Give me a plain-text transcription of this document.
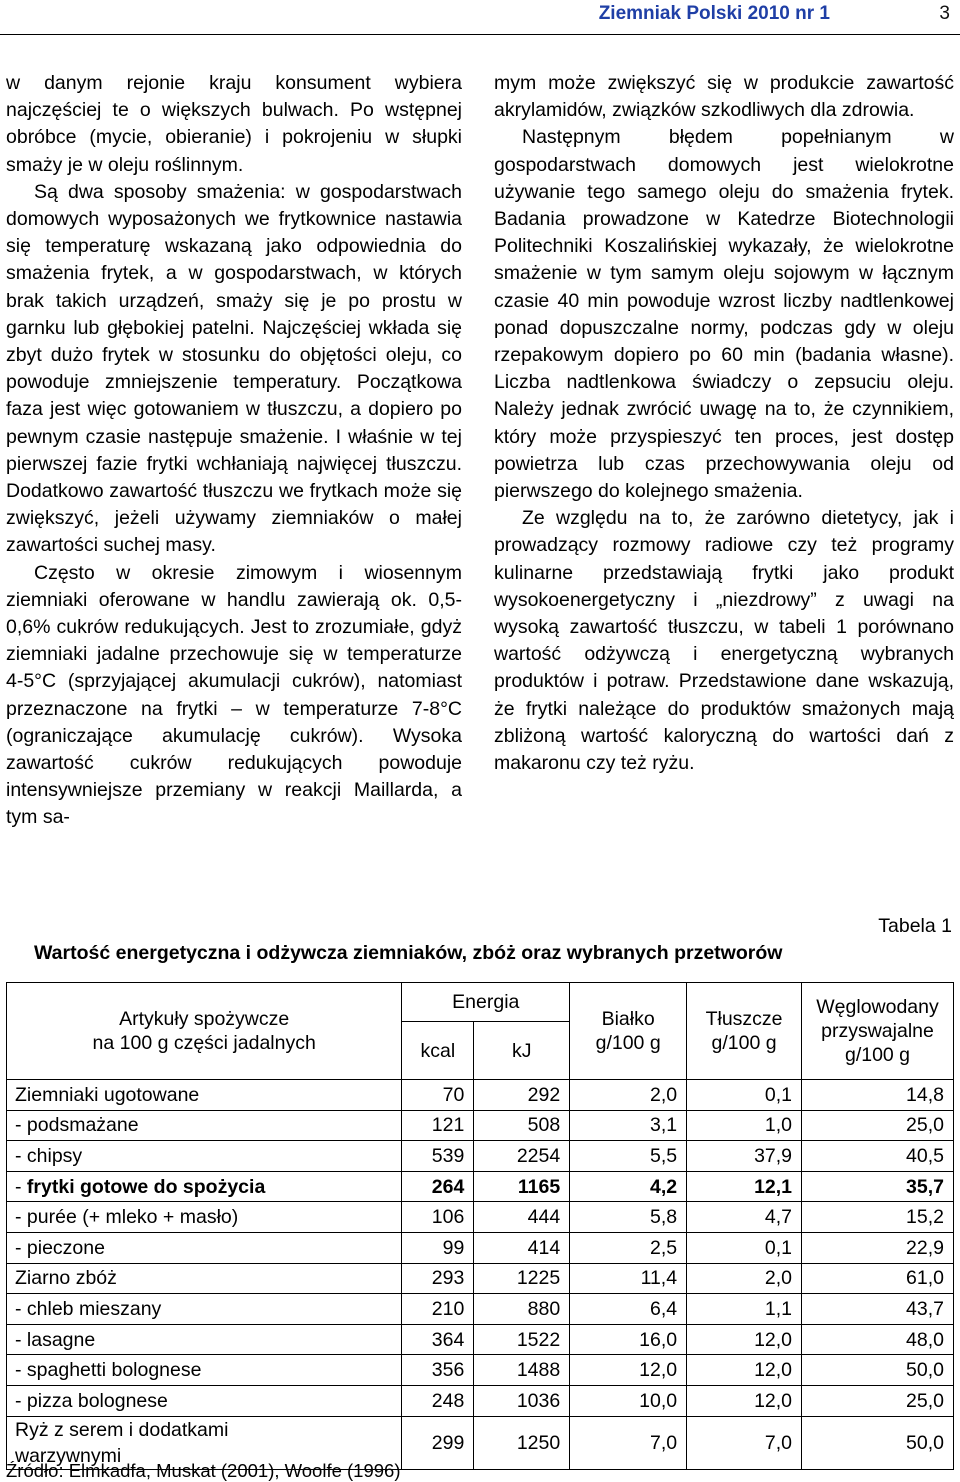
Ziemniak Polski 2010 nr 1	3

w danym rejonie kraju konsument wybiera najczęściej te o większych bulwach. Po wstępnej obróbce (mycie, obieranie) i pokrojeniu w słupki smaży je w oleju roślinnym.

Są dwa sposoby smażenia: w gospodarstwach domowych wyposażonych we frytkownice nastawia się temperaturę wskazaną jako odpowiednia do smażenia frytek, a w gospodarstwach, w których brak takich urządzeń, smaży się je po prostu w garnku lub głębokiej patelni. Najczęściej wkłada się zbyt dużo frytek w stosunku do objętości oleju, co powoduje zmniejszenie temperatury. Początkowa faza jest więc gotowaniem w tłuszczu, a dopiero po pewnym czasie następuje smażenie. I właśnie w tej pierwszej fazie frytki wchłaniają najwięcej tłuszczu. Dodatkowo zawartość tłuszczu we frytkach może się zwiększyć, jeżeli używamy ziemniaków o małej zawartości suchej masy.

Często w okresie zimowym i wiosennym ziemniaki oferowane w handlu zawierają ok. 0,5-0,6% cukrów redukujących. Jest to zrozumiałe, gdyż ziemniaki jadalne przechowuje się w temperaturze 4-5°C (sprzyjającej akumulacji cukrów), natomiast przeznaczone na frytki – w temperaturze 7-8°C (ograniczające akumulację cukrów). Wysoka zawartość cukrów redukujących powoduje intensywniejsze przemiany w reakcji Maillarda, a tym sa-

mym może zwiększyć się w produkcie zawartość akrylamidów, związków szkodliwych dla zdrowia.

Następnym błędem popełnianym w gospodarstwach domowych jest wielokrotne używanie tego samego oleju do smażenia frytek. Badania prowadzone w Katedrze Biotechnologii Politechniki Koszalińskiej wykazały, że wielokrotne smażenie w tym samym oleju sojowym w łącznym czasie 40 min powoduje wzrost liczby nadtlenkowej ponad dopuszczalne normy, podczas gdy w oleju rzepakowym dopiero po 60 min (badania własne). Liczba nadtlenkowa świadczy o zepsuciu oleju. Należy jednak zwrócić uwagę na to, że czynnikiem, który może przyspieszyć ten proces, jest dostęp powietrza lub czas przechowywania oleju od pierwszego do kolejnego smażenia.

Ze względu na to, że zarówno dietetycy, jak i prowadzący rozmowy radiowe czy też programy kulinarne przedstawiają frytki jako produkt wysokoenergetyczny i „niezdrowy” z uwagi na wysoką zawartość tłuszczu, w tabeli 1 porównano wartość odżywczą i energetyczną wybranych produktów i potraw. Przedstawione dane wskazują, że frytki należące do produktów smażonych mają zbliżoną wartość kaloryczną do wartości dań z makaronu czy też ryżu.

Tabela 1
Wartość energetyczna i odżywcza ziemniaków, zbóż oraz wybranych przetworów
Artykuły spożywcze
na 100 g części jadalnych	Energia		Białko g/100 g	Tłuszcze g/100 g	Węglowodany przyswajalne g/100 g
	kcal	kJ			
Ziemniaki ugotowane	70	292	2,0	0,1	14,8
- podsmażane	121	508	3,1	1,0	25,0
- chipsy	539	2254	5,5	37,9	40,5
- frytki gotowe do spożycia	264	1165	4,2	12,1	35,7
- purée (+ mleko + masło)	106	444	5,8	4,7	15,2
- pieczone	99	414	2,5	0,1	22,9
Ziarno zbóż	293	1225	11,4	2,0	61,0
- chleb mieszany	210	880	6,4	1,1	43,7
- lasagne	364	1522	16,0	12,0	48,0
- spaghetti bolognese	356	1488	12,0	12,0	50,0
- pizza bolognese	248	1036	10,0	12,0	25,0

Ryż z serem i dodatkami
warzywnymi	299	1250	7,0	7,0	50,0
Źródło: Elmkadfa, Muskat (2001), Woolfe (1996)
